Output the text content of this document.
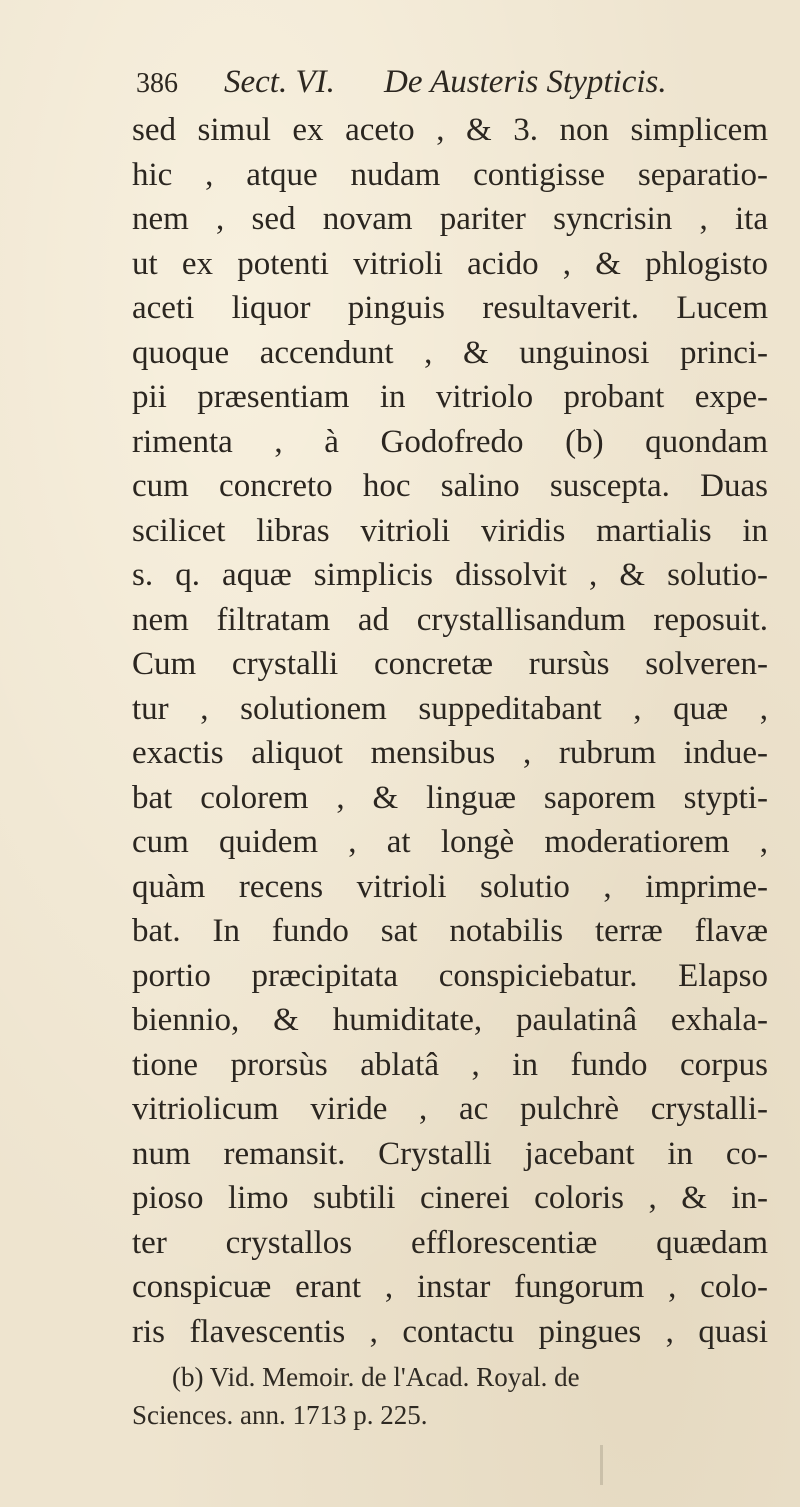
386 Sect. VI. De Austeris Stypticis.
sed simul ex aceto , & 3. non simplicem
hic , atque nudam contigisse separatio-
nem , sed novam pariter syncrisin , ita
ut ex potenti vitrioli acido , & phlogisto
aceti liquor pinguis resultaverit. Lucem
quoque accendunt , & unguinosi princi-
pii præsentiam in vitriolo probant expe-
rimenta , à Godofredo (b) quondam
cum concreto hoc salino suscepta. Duas
scilicet libras vitrioli viridis martialis in
s. q. aquæ simplicis dissolvit , & solutio-
nem filtratam ad crystallisandum reposuit.
Cum crystalli concretæ rursùs solveren-
tur , solutionem suppeditabant , quæ ,
exactis aliquot mensibus , rubrum indue-
bat colorem , & linguæ saporem stypti-
cum quidem , at longè moderatiorem ,
quàm recens vitrioli solutio , imprime-
bat. In fundo sat notabilis terræ flavæ
portio præcipitata conspiciebatur. Elapso
biennio, & humiditate, paulatinâ exhala-
tione prorsùs ablatâ , in fundo corpus
vitriolicum viride , ac pulchrè crystalli-
num remansit. Crystalli jacebant in co-
pioso limo subtili cinerei coloris , & in-
ter crystallos efflorescentiæ quædam
conspicuæ erant , instar fungorum , colo-
ris flavescentis , contactu pingues , quasi
(b) Vid. Memoir. de l'Acad. Royal. de
Sciences. ann. 1713 p. 225.
